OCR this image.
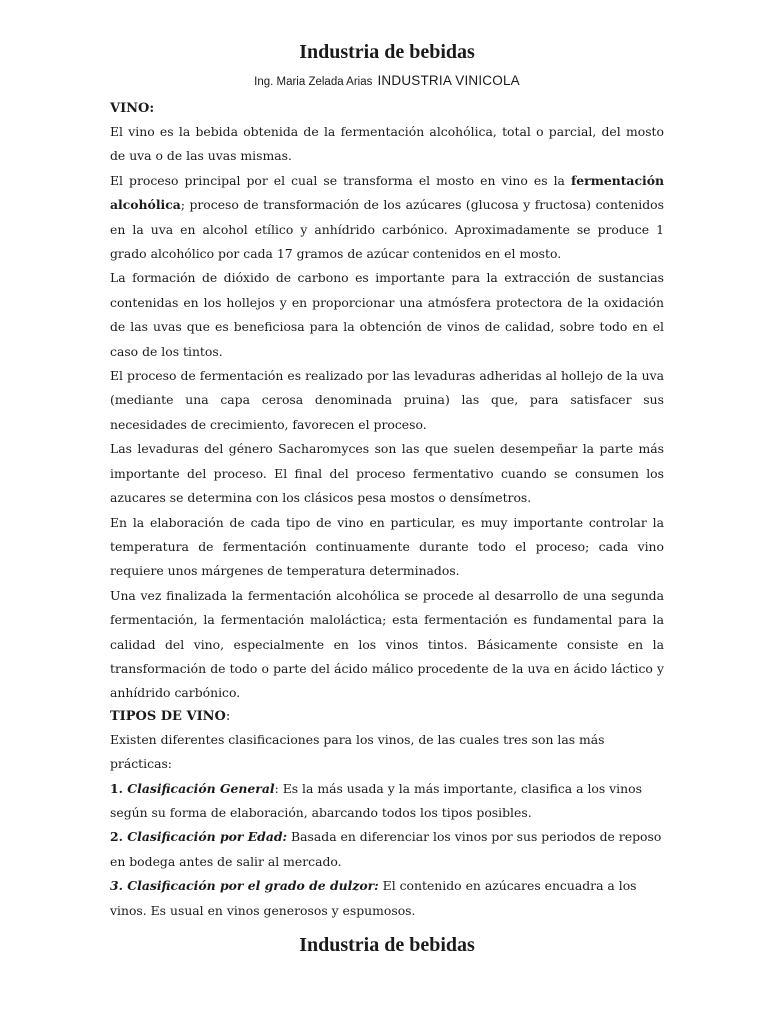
Industria de bebidas
Ing. Maria Zelada Arias INDUSTRIA VINICOLA
VINO:

El vino es la bebida obtenida de la fermentación alcohólica, total o parcial, del mosto de uva o de las uvas mismas.

El proceso principal por el cual se transforma el mosto en vino es la fermentación alcohólica; proceso de transformación de los azúcares (glucosa y fructosa) contenidos en la uva en alcohol etílico y anhídrido carbónico. Aproximadamente se produce 1 grado alcohólico por cada 17 gramos de azúcar contenidos en el mosto.

La formación de dióxido de carbono es importante para la extracción de sustancias contenidas en los hollejos y en proporcionar una atmósfera protectora de la oxidación de las uvas que es beneficiosa para la obtención de vinos de calidad, sobre todo en el caso de los tintos.

El proceso de fermentación es realizado por las levaduras adheridas al hollejo de la uva (mediante una capa cerosa denominada pruina) las que, para satisfacer sus necesidades de crecimiento, favorecen el proceso.

Las levaduras del género Sacharomyces son las que suelen desempeñar la parte más importante del proceso. El final del proceso fermentativo cuando se consumen los azucares se determina con los clásicos pesa mostos o densímetros.

En la elaboración de cada tipo de vino en particular, es muy importante controlar la temperatura de fermentación continuamente durante todo el proceso; cada vino requiere unos márgenes de temperatura determinados.

Una vez finalizada la fermentación alcohólica se procede al desarrollo de una segunda fermentación, la fermentación maloláctica; esta fermentación es fundamental para la calidad del vino, especialmente en los vinos tintos. Básicamente consiste en la transformación de todo o parte del ácido málico procedente de la uva en ácido láctico y anhídrido carbónico.

TIPOS DE VINO:

Existen diferentes clasificaciones para los vinos, de las cuales tres son las más prácticas:

1. Clasificación General: Es la más usada y la más importante, clasifica a los vinos según su forma de elaboración, abarcando todos los tipos posibles.

2. Clasificación por Edad: Basada en diferenciar los vinos por sus periodos de reposo en bodega antes de salir al mercado.

3. Clasificación por el grado de dulzor: El contenido en azúcares encuadra a los vinos. Es usual en vinos generosos y espumosos.

Industria de bebidas
